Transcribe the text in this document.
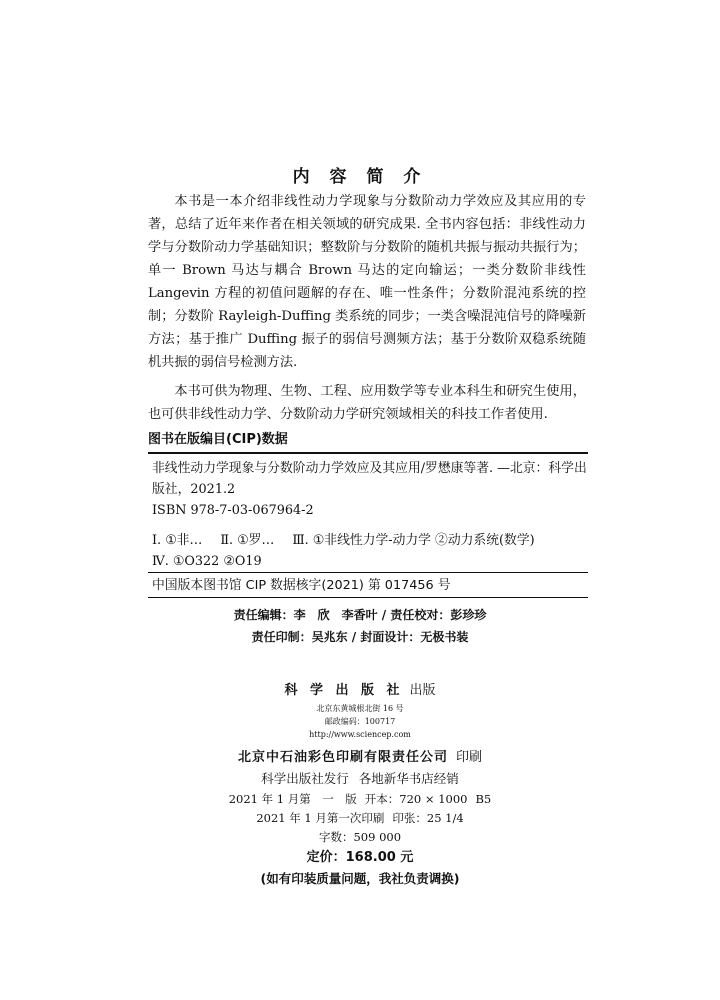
内 容 简 介

本书是一本介绍非线性动力学现象与分数阶动力学效应及其应用的专著，总结了近年来作者在相关领域的研究成果. 全书内容包括：非线性动力学与分数阶动力学基础知识；整数阶与分数阶的随机共振与振动共振行为；单一 Brown 马达与耦合 Brown 马达的定向输运；一类分数阶非线性 Langevin 方程的初值问题解的存在、唯一性条件；分数阶混沌系统的控制；分数阶 Rayleigh-Duffing 类系统的同步；一类含噪混沌信号的降噪新方法；基于推广 Duffing 振子的弱信号测频方法；基于分数阶双稳系统随机共振的弱信号检测方法.

本书可供为物理、生物、工程、应用数学等专业本科生和研究生使用，也可供非线性动力学、分数阶动力学研究领域相关的科技工作者使用.

图书在版编目(CIP)数据
非线性动力学现象与分数阶动力学效应及其应用/罗懋康等著. —北京：科学出版社，2021.2
ISBN 978-7-03-067964-2
Ⅰ. ①非… Ⅱ. ①罗… Ⅲ. ①非线性力学-动力学 ②动力系统(数学)
Ⅳ. ①O322 ②O19
中国版本图书馆 CIP 数据核字(2021) 第 017456 号
责任编辑：李　欣　李香叶 / 责任校对：彭珍珍
责任印制：吴兆东 / 封面设计：无极书装
科 学 出 版 社 出版
北京东黄城根北街 16 号
邮政编码：100717
http://www.sciencep.com
北京中石油彩色印刷有限责任公司 印刷
科学出版社发行 各地新华书店经销
2021 年 1 月第　一　版 开本：720 × 1000 B5
2021 年 1 月第一次印刷 印张：25 1/4
字数：509 000
定价：168.00 元
(如有印装质量问题，我社负责调换)
